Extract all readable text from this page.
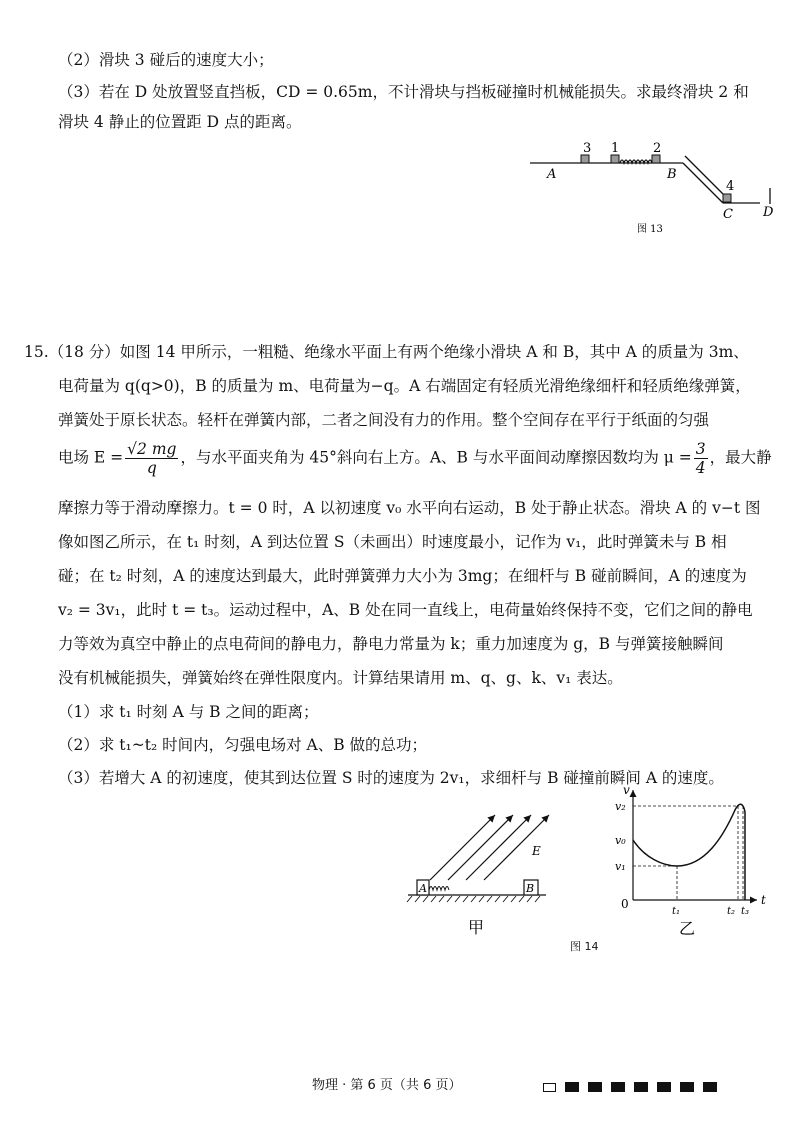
（2）滑块 3 碰后的速度大小；
（3）若在 D 处放置竖直挡板，CD = 0.65m，不计滑块与挡板碰撞时机械能损失。求最终滑块 2 和
滑块 4 静止的位置距 D 点的距离。
3 1	2
4
A	B
C D
图 13
15.（18 分）如图 14 甲所示，一粗糙、绝缘水平面上有两个绝缘小滑块 A 和 B，其中 A 的质量为 3m、
电荷量为 q(q>0)，B 的质量为 m、电荷量为−q。A 右端固定有轻质光滑绝缘细杆和轻质绝缘弹簧，
弹簧处于原长状态。轻杆在弹簧内部，二者之间没有力的作用。整个空间存在平行于纸面的匀强
电场 $E = \frac{√2 mg}{q}$ ，与水平面夹角为 45°斜向右上方。A、B 与水平面间动摩擦因数均为 $\mu = \frac{3}{4}$ ，最大静
摩擦力等于滑动摩擦力。t = 0 时，A 以初速度 v₀ 水平向右运动，B 处于静止状态。滑块 A 的 v−t 图
像如图乙所示，在 t₁ 时刻，A 到达位置 S（未画出）时速度最小，记作为 v₁，此时弹簧未与 B 相
碰；在 t₂ 时刻，A 的速度达到最大，此时弹簧弹力大小为 3mg；在细杆与 B 碰前瞬间，A 的速度为
v₂ = 3v₁，此时 t = t₃。运动过程中，A、B 处在同一直线上，电荷量始终保持不变，它们之间的静电
力等效为真空中静止的点电荷间的静电力，静电力常量为 k；重力加速度为 g，B 与弹簧接触瞬间
没有机械能损失，弹簧始终在弹性限度内。计算结果请用 m、q、g、k、v₁ 表达。
（1）求 t₁ 时刻 A 与 B 之间的距离；
（2）求 t₁~t₂ 时间内，匀强电场对 A、B 做的总功；
（3）若增大 A 的初速度，使其到达位置 S 时的速度为 2v₁，求细杆与 B 碰撞前瞬间 A 的速度。
A	B
E
甲
v
t
0
v₂
v₀
v₁
t₁	t₂ t₃
乙
图 14
物理 · 第 6 页（共 6 页）
